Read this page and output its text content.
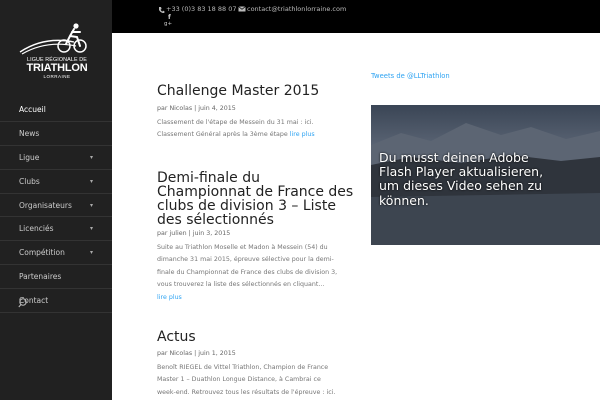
LIGUE RÉGIONALE DE
TRIATHLON
LORRAINE
Accueil
News
Ligue	▾
Clubs	▾
Organisateurs	▾
Licenciés	▾
Compétition	▾
Partenaires
Contact
+33 (0)3 83 18 88 07 contact@triathlonlorraine.com
f
g+
Challenge Master 2015
par Nicolas | juin 4, 2015
Classement de l'étape de Messein du 31 mai : ici. Classement Général après la 3ème étape lire plus
Demi-finale du
Championnat de France des
clubs de division 3 – Liste
des sélectionnés
par julien | juin 3, 2015
Suite au Triathlon Moselle et Madon à Messein (54) du
dimanche 31 mai 2015, épreuve sélective pour la demi-
finale du Championnat de France des clubs de division 3,
vous trouverez la liste des sélectionnés en cliquant...
lire plus
Actus
par Nicolas | juin 1, 2015
Benoît RIEGEL de Vittel Triathlon, Champion de France
Master 1 – Duathlon Longue Distance, à Cambrai ce
week-end. Retrouvez tous les résultats de l'épreuve : ici.
Tweets de @LLTriathlon
Du musst deinen Adobe
Flash Player aktualisieren,
um dieses Video sehen zu
können.
